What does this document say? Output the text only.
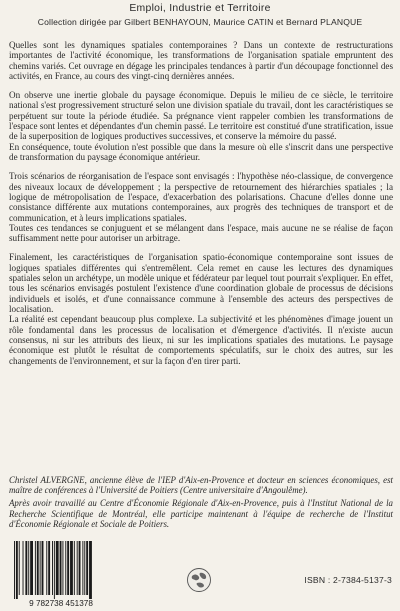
Emploi, Industrie et Territoire
Collection dirigée par Gilbert BENHAYOUN, Maurice CATIN et Bernard PLANQUE

Quelles sont les dynamiques spatiales contemporaines ? Dans un contexte de restructurations importantes de l'activité économique, les transformations de l'organisation spatiale empruntent des chemins variés. Cet ouvrage en dégage les principales tendances à partir d'un découpage fonctionnel des activités, en France, au cours des vingt-cinq dernières années.

On observe une inertie globale du paysage économique. Depuis le milieu de ce siècle, le territoire national s'est progressivement structuré selon une division spatiale du travail, dont les caractéristiques se perpétuent sur toute la période étudiée. Sa prégnance vient rappeler combien les transformations de l'espace sont lentes et dépendantes d'un chemin passé. Le territoire est constitué d'une stratification, issue de la superposition de logiques productives successives, et conserve la mémoire du passé.

En conséquence, toute évolution n'est possible que dans la mesure où elle s'inscrit dans une perspective de transformation du paysage économique antérieur.

Trois scénarios de réorganisation de l'espace sont envisagés : l'hypothèse néo-classique, de convergence des niveaux locaux de développement ; la perspective de retournement des hiérarchies spatiales ; la logique de métropolisation de l'espace, d'exacerbation des polarisations. Chacune d'elles donne une consistance différente aux mutations contemporaines, aux progrès des techniques de transport et de communication, et à leurs implications spatiales.

Toutes ces tendances se conjuguent et se mélangent dans l'espace, mais aucune ne se réalise de façon suffisamment nette pour autoriser un arbitrage.

Finalement, les caractéristiques de l'organisation spatio-économique contemporaine sont issues de logiques spatiales différentes qui s'entremêlent. Cela remet en cause les lectures des dynamiques spatiales selon un archétype, un modèle unique et fédérateur par lequel tout pourrait s'expliquer. En effet, tous les scénarios envisagés postulent l'existence d'une coordination globale de processus de décisions individuels et isolés, et d'une connaissance commune à l'ensemble des acteurs des perspectives de localisation.

La réalité est cependant beaucoup plus complexe. La subjectivité et les phénomènes d'image jouent un rôle fondamental dans les processus de localisation et d'émergence d'activités. Il n'existe aucun consensus, ni sur les attributs des lieux, ni sur les implications spatiales des mutations. Le paysage économique est plutôt le résultat de comportements spéculatifs, sur le choix des autres, sur les changements de l'environnement, et sur la façon d'en tirer parti.

Christel ALVERGNE, ancienne élève de l'IEP d'Aix-en-Provence et docteur en sciences économiques, est maître de conférences à l'Université de Poitiers (Centre universitaire d'Angoulême).

Après avoir travaillé au Centre d'Économie Régionale d'Aix-en-Provence, puis à l'Institut National de la Recherche Scientifique de Montréal, elle participe maintenant à l'équipe de recherche de l'Institut d'Économie Régionale et Sociale de Poitiers.

9 782738 451378
ISBN : 2-7384-5137-3
